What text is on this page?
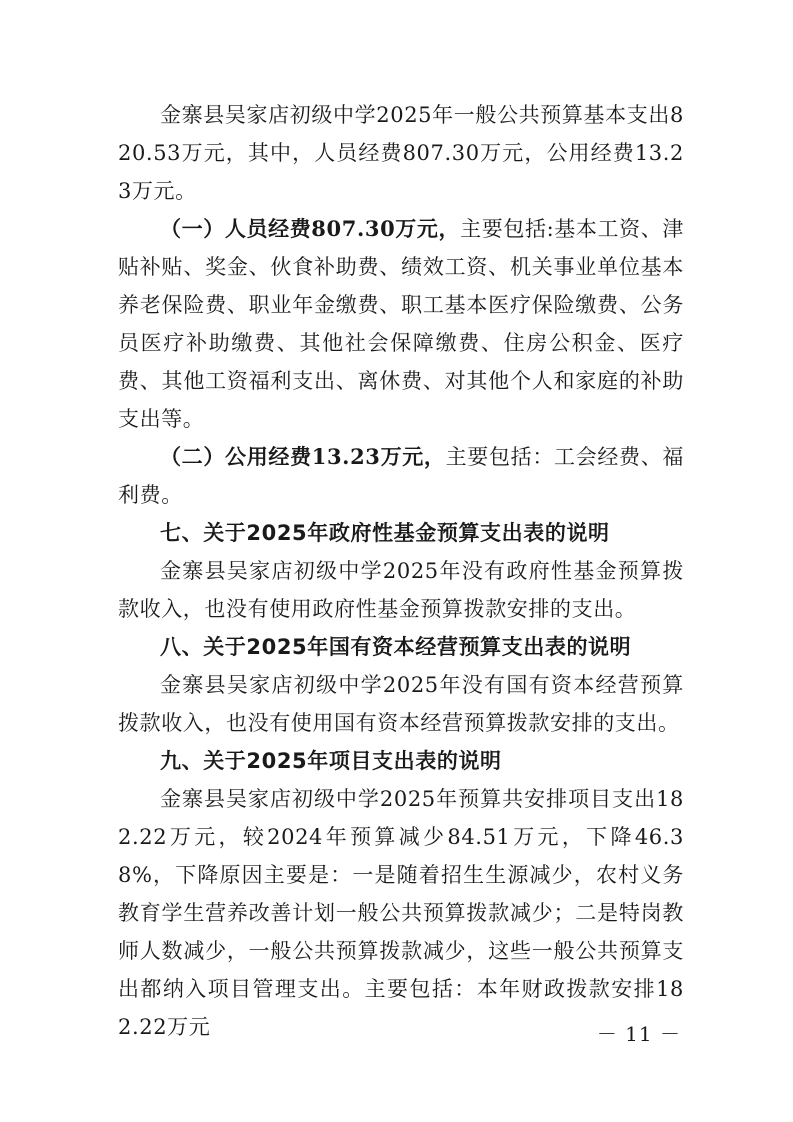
金寨县吴家店初级中学2025年一般公共预算基本支出820.53万元，其中，人员经费807.30万元，公用经费13.23万元。

（一）人员经费807.30万元，主要包括:基本工资、津贴补贴、奖金、伙食补助费、绩效工资、机关事业单位基本养老保险费、职业年金缴费、职工基本医疗保险缴费、公务员医疗补助缴费、其他社会保障缴费、住房公积金、医疗费、其他工资福利支出、离休费、对其他个人和家庭的补助支出等。

（二）公用经费13.23万元，主要包括：工会经费、福利费。

七、关于2025年政府性基金预算支出表的说明

金寨县吴家店初级中学2025年没有政府性基金预算拨款收入，也没有使用政府性基金预算拨款安排的支出。

八、关于2025年国有资本经营预算支出表的说明

金寨县吴家店初级中学2025年没有国有资本经营预算拨款收入，也没有使用国有资本经营预算拨款安排的支出。

九、关于2025年项目支出表的说明

金寨县吴家店初级中学2025年预算共安排项目支出182.22万元，较2024年预算减少84.51万元，下降46.38%，下降原因主要是：一是随着招生生源减少，农村义务教育学生营养改善计划一般公共预算拨款减少；二是特岗教师人数减少，一般公共预算拨款减少，这些一般公共预算支出都纳入项目管理支出。主要包括：本年财政拨款安排182.22万元	－ 11 －
